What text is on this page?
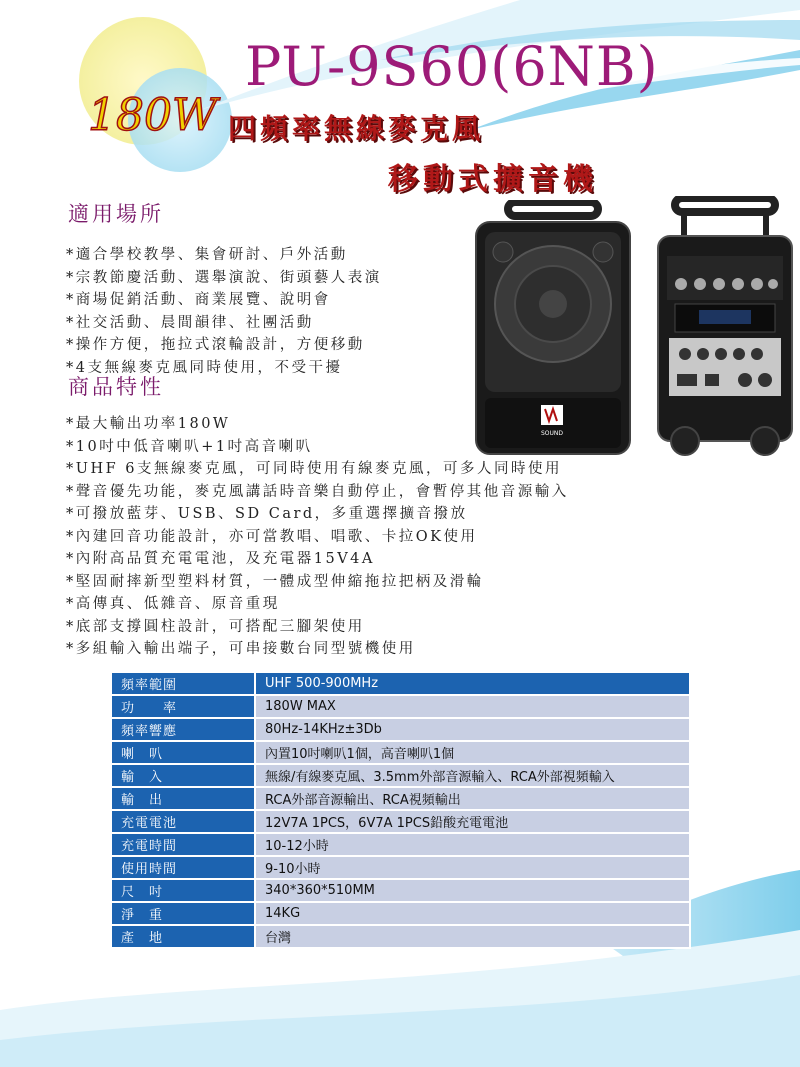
PU-9S60(6NB)
180W 四頻率無線麥克風
移動式擴音機
適用場所
*適合學校教學、集會研討、戶外活動
*宗教節慶活動、選舉演說、街頭藝人表演
*商場促銷活動、商業展覽、說明會
*社交活動、晨間韻律、社團活動
*操作方便，拖拉式滾輪設計，方便移動
*4支無線麥克風同時使用，不受干擾
商品特性
*最大輸出功率180W
*10吋中低音喇叭+1吋高音喇叭
*UHF 6支無線麥克風，可同時使用有線麥克風，可多人同時使用
*聲音優先功能，麥克風講話時音樂自動停止，會暫停其他音源輸入
*可撥放藍芽、USB、SD Card，多重選擇擴音撥放
*內建回音功能設計，亦可當教唱、唱歌、卡拉OK使用
*內附高品質充電電池，及充電器15V4A
*堅固耐摔新型塑料材質，一體成型伸縮拖拉把柄及滑輪
*高傳真、低雜音、原音重現
*底部支撐圓柱設計，可搭配三腳架使用
*多組輸入輸出端子，可串接數台同型號機使用
SOUND
頻率範圍	UHF 500-900MHz
功　　率	180W MAX
頻率響應	80Hz-14KHz±3Db
喇　叭	內置10吋喇叭1個，高音喇叭1個
輸　入	無線/有線麥克風、3.5mm外部音源輸入、RCA外部視頻輸入
輸　出	RCA外部音源輸出、RCA視頻輸出
充電電池	12V7A 1PCS，6V7A 1PCS鉛酸充電電池
充電時間	10-12小時
使用時間	9-10小時
尺　吋	340*360*510MM
淨　重	14KG
產　地	台灣
